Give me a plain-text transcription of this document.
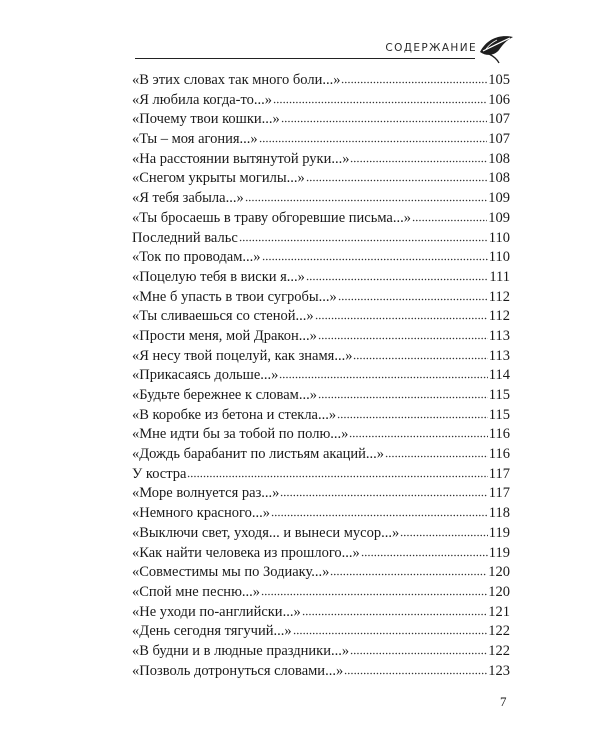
СОДЕРЖАНИЕ
«В этих словах так много боли...»	105
«Я любила когда-то...»	106
«Почему твои кошки...»	107
«Ты – моя агония...»	107
«На расстоянии вытянутой руки...»	108
«Снегом укрыты могилы...»	108
«Я тебя забыла...»	109
«Ты бросаешь в траву обгоревшие письма...»	109
Последний вальс	110
«Ток по проводам...»	110
«Поцелую тебя в виски я...»	111
«Мне б упасть в твои сугробы...»	112
«Ты сливаешься со стеной...»	112
«Прости меня, мой Дракон...»	113
«Я несу твой поцелуй, как знамя...»	113
«Прикасаясь дольше...»	114
«Будьте бережнее к словам...»	115
«В коробке из бетона и стекла...»	115
«Мне идти бы за тобой по полю...»	116
«Дождь барабанит по листьям акаций...»	116
У костра	117
«Море волнуется раз...»	117
«Немного красного...»	118
«Выключи свет, уходя... и вынеси мусор...»	119
«Как найти человека из прошлого...»	119
«Совместимы мы по Зодиаку...»	120
«Спой мне песню...»	120
«Не уходи по-английски...»	121
«День сегодня тягучий...»	122
«В будни и в людные праздники...»	122
«Позволь дотронуться словами...»	123
7
